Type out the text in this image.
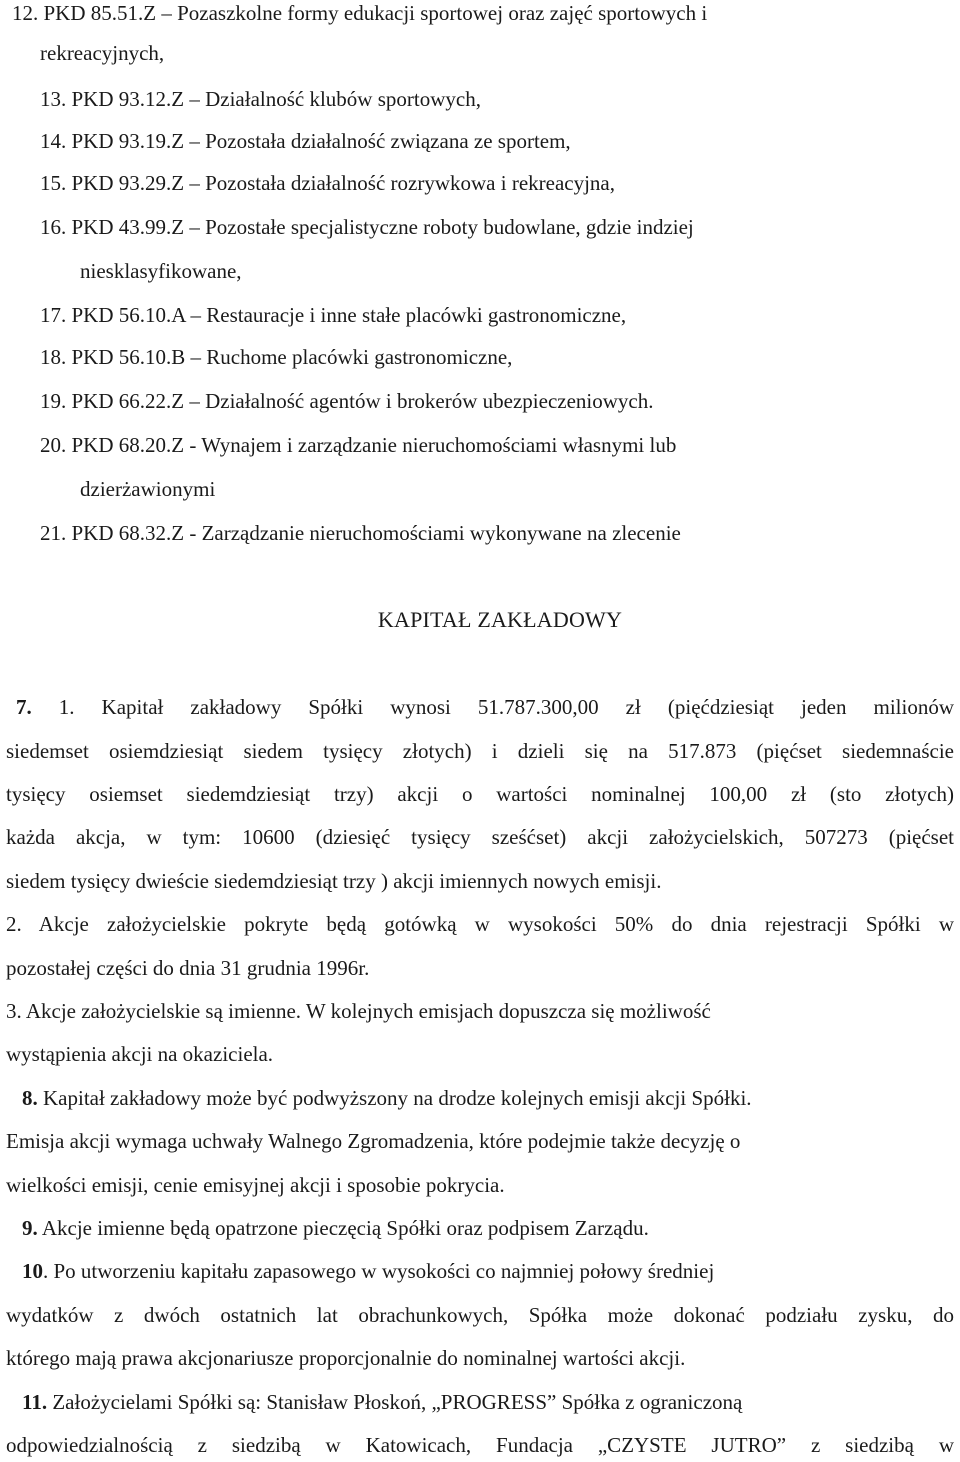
12. PKD 85.51.Z – Pozaszkolne formy edukacji sportowej oraz zajęć sportowych i

rekreacyjnych,

13. PKD 93.12.Z – Działalność klubów sportowych,

14. PKD 93.19.Z – Pozostała działalność związana ze sportem,

15. PKD 93.29.Z – Pozostała działalność rozrywkowa i rekreacyjna,

16. PKD 43.99.Z – Pozostałe specjalistyczne roboty budowlane, gdzie indziej

niesklasyfikowane,

17. PKD 56.10.A – Restauracje i inne stałe placówki gastronomiczne,

18. PKD 56.10.B – Ruchome placówki gastronomiczne,

19. PKD 66.22.Z – Działalność agentów i brokerów ubezpieczeniowych.

20. PKD 68.20.Z - Wynajem i zarządzanie nieruchomościami własnymi lub

dzierżawionymi

21. PKD 68.32.Z - Zarządzanie nieruchomościami wykonywane na zlecenie

KAPITAŁ ZAKŁADOWY

7. 1. Kapitał zakładowy Spółki wynosi 51.787.300,00 zł (pięćdziesiąt jeden milionów

siedemset osiemdziesiąt siedem tysięcy złotych) i dzieli się na 517.873 (pięćset siedemnaście

tysięcy osiemset siedemdziesiąt trzy) akcji o wartości nominalnej 100,00 zł (sto złotych)

każda akcja, w tym: 10600 (dziesięć tysięcy sześćset) akcji założycielskich, 507273 (pięćset

siedem tysięcy dwieście siedemdziesiąt trzy ) akcji imiennych nowych emisji.

2. Akcje założycielskie pokryte będą gotówką w wysokości 50% do dnia rejestracji Spółki w

pozostałej części do dnia 31 grudnia 1996r.

3. Akcje założycielskie są imienne. W kolejnych emisjach dopuszcza się możliwość

wystąpienia akcji na okaziciela.

8. Kapitał zakładowy może być podwyższony na drodze kolejnych emisji akcji Spółki.

Emisja akcji wymaga uchwały Walnego Zgromadzenia, które podejmie także decyzję o

wielkości emisji, cenie emisyjnej akcji i sposobie pokrycia.

9. Akcje imienne będą opatrzone pieczęcią Spółki oraz podpisem Zarządu.

10. Po utworzeniu kapitału zapasowego w wysokości co najmniej połowy średniej

wydatków z dwóch ostatnich lat obrachunkowych, Spółka może dokonać podziału zysku, do

którego mają prawa akcjonariusze proporcjonalnie do nominalnej wartości akcji.

11. Założycielami Spółki są: Stanisław Płoskoń, „PROGRESS” Spółka z ograniczoną

odpowiedzialnością z siedzibą w Katowicach, Fundacja „CZYSTE JUTRO” z siedzibą w
